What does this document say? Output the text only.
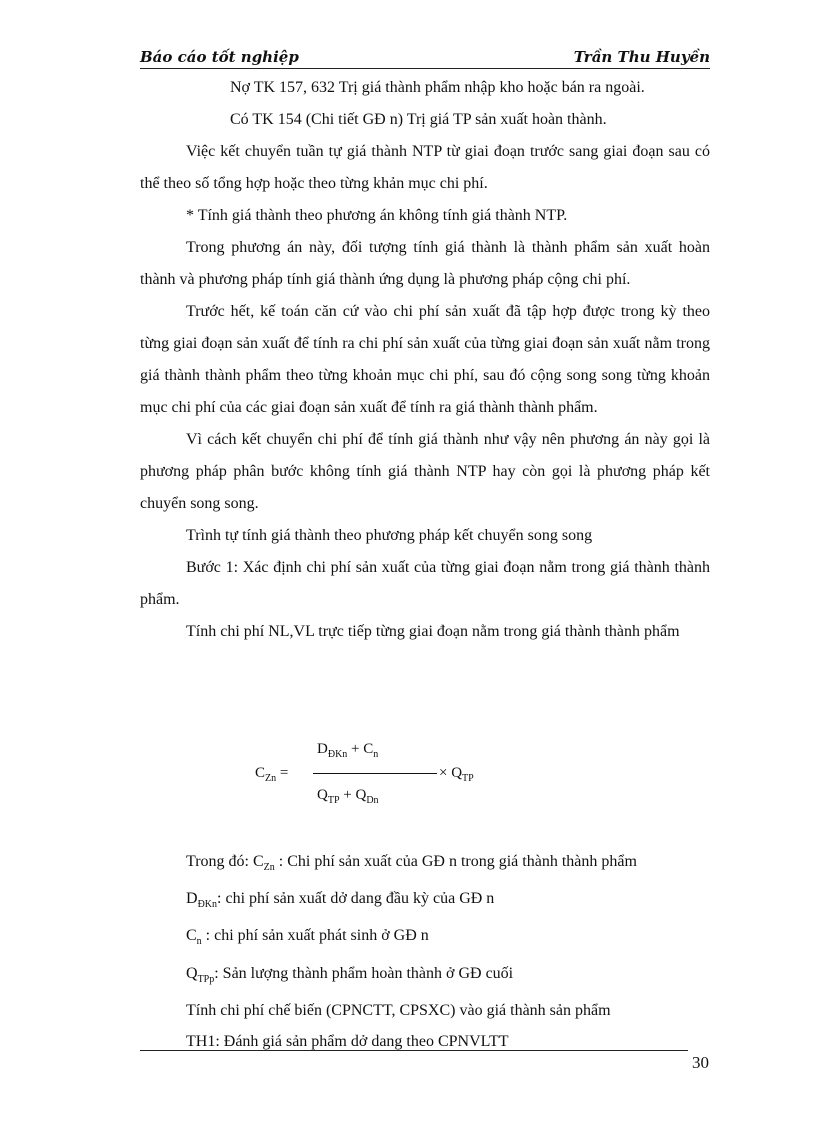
Báo cáo tốt nghiệp	Trần Thu Huyền

Nợ TK 157, 632 Trị giá thành phẩm nhập kho hoặc bán ra ngoài.

Có TK 154 (Chi tiết GĐ n) Trị giá TP sản xuất hoàn thành.

Việc kết chuyển tuần tự giá thành NTP từ giai đoạn trước sang giai đoạn sau có thể theo số tổng hợp hoặc theo từng khản mục chi phí.

* Tính giá thành theo phương án không tính giá thành NTP.

Trong phương án này, đối tượng tính giá thành là thành phẩm sản xuất hoàn thành và phương pháp tính giá thành ứng dụng là phương pháp cộng chi phí.

Trước hết, kế toán căn cứ vào chi phí sản xuất đã tập hợp được trong kỳ theo từng giai đoạn sản xuất để tính ra chi phí sản xuất của từng giai đoạn sản xuất nằm trong giá thành thành phẩm theo từng khoản mục chi phí, sau đó cộng song song từng khoản mục chi phí của các giai đoạn sản xuất để tính ra giá thành thành phẩm.

Vì cách kết chuyển chi phí để tính giá thành như vậy nên phương án này gọi là phương pháp phân bước không tính giá thành NTP hay còn gọi là phương pháp kết chuyển song song.

Trình tự tính giá thành theo phương pháp kết chuyển song song

Bước 1: Xác định chi phí sản xuất của từng giai đoạn nằm trong giá thành thành phẩm.

Tính chi phí NL,VL trực tiếp từng giai đoạn nằm trong giá thành thành phẩm

$C_{Zn}$ =
$D_{ĐKn} + C_n$
$Q_{TP} + Q_{Dn}$
× $Q_{TP}$
Trong đó: $C_{Zn}$ : Chi phí sản xuất của GĐ n trong giá thành thành phẩm
$D_{ĐKn}$: chi phí sản xuất dở dang đầu kỳ của GĐ n
$C_n$ : chi phí sản xuất phát sinh ở GĐ n
$Q_{TPp}$: Sản lượng thành phẩm hoàn thành ở GĐ cuối
Tính chi phí chế biến (CPNCTT, CPSXC) vào giá thành sản phẩm
TH1: Đánh giá sản phẩm dở dang theo CPNVLTT
30
